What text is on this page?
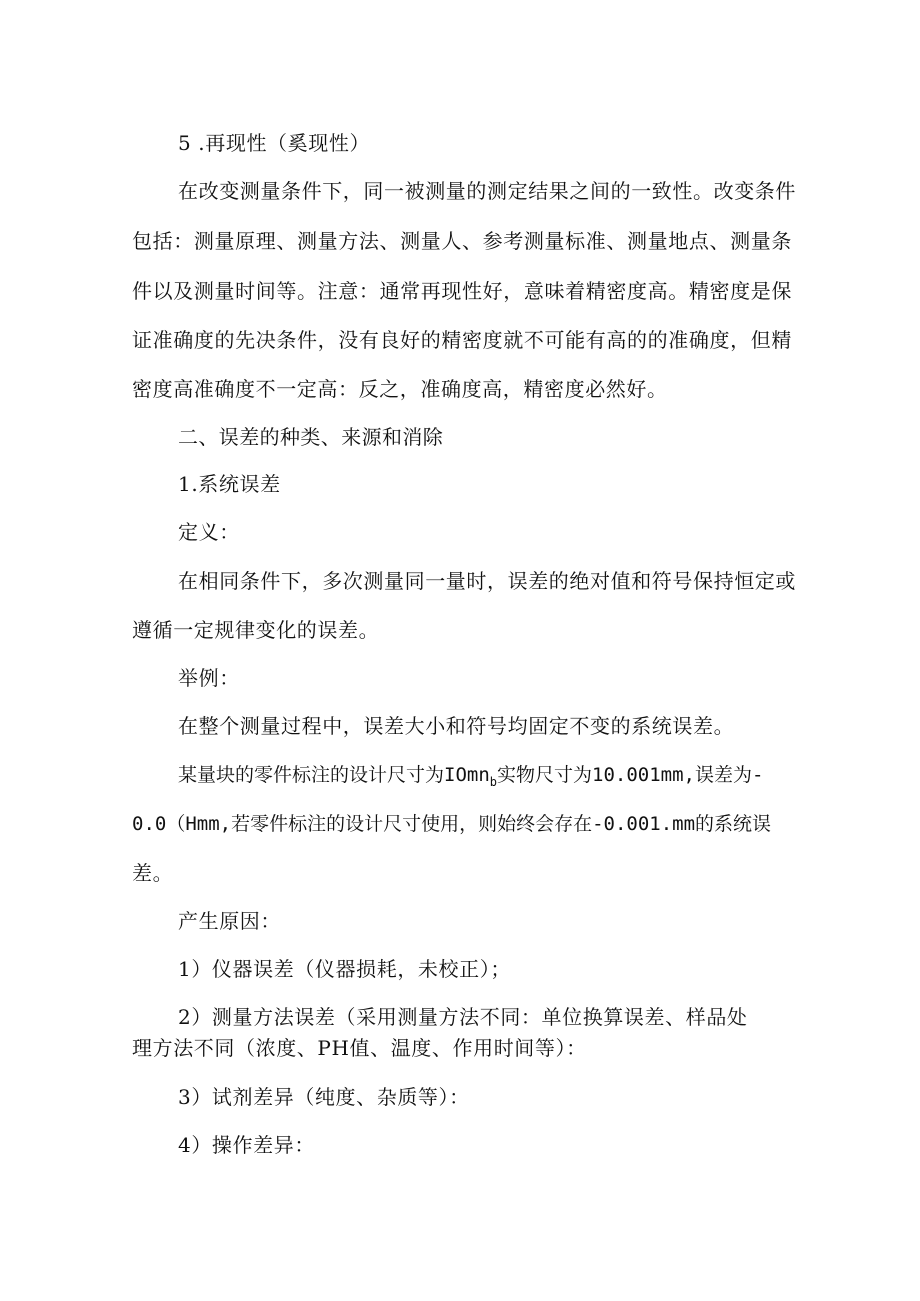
5 .再现性（奚现性）
在改变测量条件下，同一被测量的测定结果之间的一致性。改变条件
包括：测量原理、测量方法、测量人、参考测量标准、测量地点、测量条
件以及测量时间等。注意：通常再现性好，意味着精密度高。精密度是保
证准确度的先决条件，没有良好的精密度就不可能有高的的准确度，但精
密度高准确度不一定高：反之，准确度高，精密度必然好。
二、误差的种类、来源和消除
1.系统误差
定义：
在相同条件下，多次测量同一量时，误差的绝对值和符号保持恒定或
遵循一定规律变化的误差。
举例：
在整个测量过程中，误差大小和符号均固定不变的系统误差。
某量块的零件标注的设计尺寸为IOmn$_b$实物尺寸为10.001mm,误差为-
0.0（Hmm,若零件标注的设计尺寸使用，则始终会存在-0.001.mm的系统误
差。
产生原因：
1）仪器误差（仪器损耗，未校正）；
2）测量方法误差（采用测量方法不同：单位换算误差、样品处
理方法不同（浓度、PH值、温度、作用时间等）：
3）试剂差异（纯度、杂质等）：
4）操作差异：
